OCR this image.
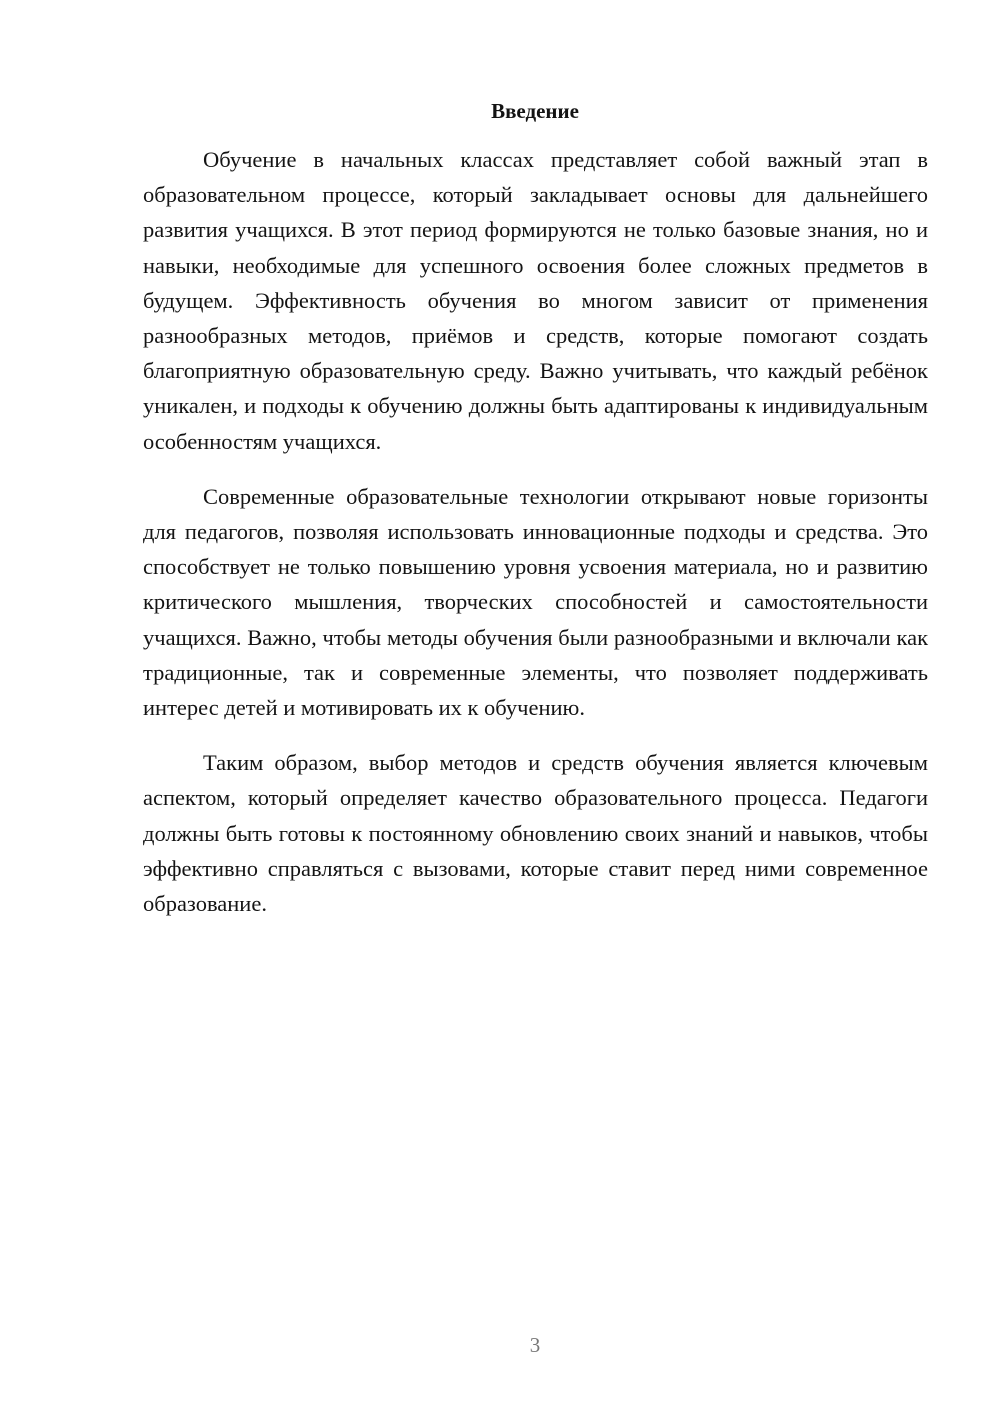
Введение

Обучение в начальных классах представляет собой важный этап в образовательном процессе, который закладывает основы для дальнейшего развития учащихся. В этот период формируются не только базовые знания, но и навыки, необходимые для успешного освоения более сложных предметов в будущем. Эффективность обучения во многом зависит от применения разнообразных методов, приёмов и средств, которые помогают создать благоприятную образовательную среду. Важно учитывать, что каждый ребёнок уникален, и подходы к обучению должны быть адаптированы к индивидуальным особенностям учащихся.

Современные образовательные технологии открывают новые горизонты для педагогов, позволяя использовать инновационные подходы и средства. Это способствует не только повышению уровня усвоения материала, но и развитию критического мышления, творческих способностей и самостоятельности учащихся. Важно, чтобы методы обучения были разнообразными и включали как традиционные, так и современные элементы, что позволяет поддерживать интерес детей и мотивировать их к обучению.

Таким образом, выбор методов и средств обучения является ключевым аспектом, который определяет качество образовательного процесса. Педагоги должны быть готовы к постоянному обновлению своих знаний и навыков, чтобы эффективно справляться с вызовами, которые ставит перед ними современное образование.

3
